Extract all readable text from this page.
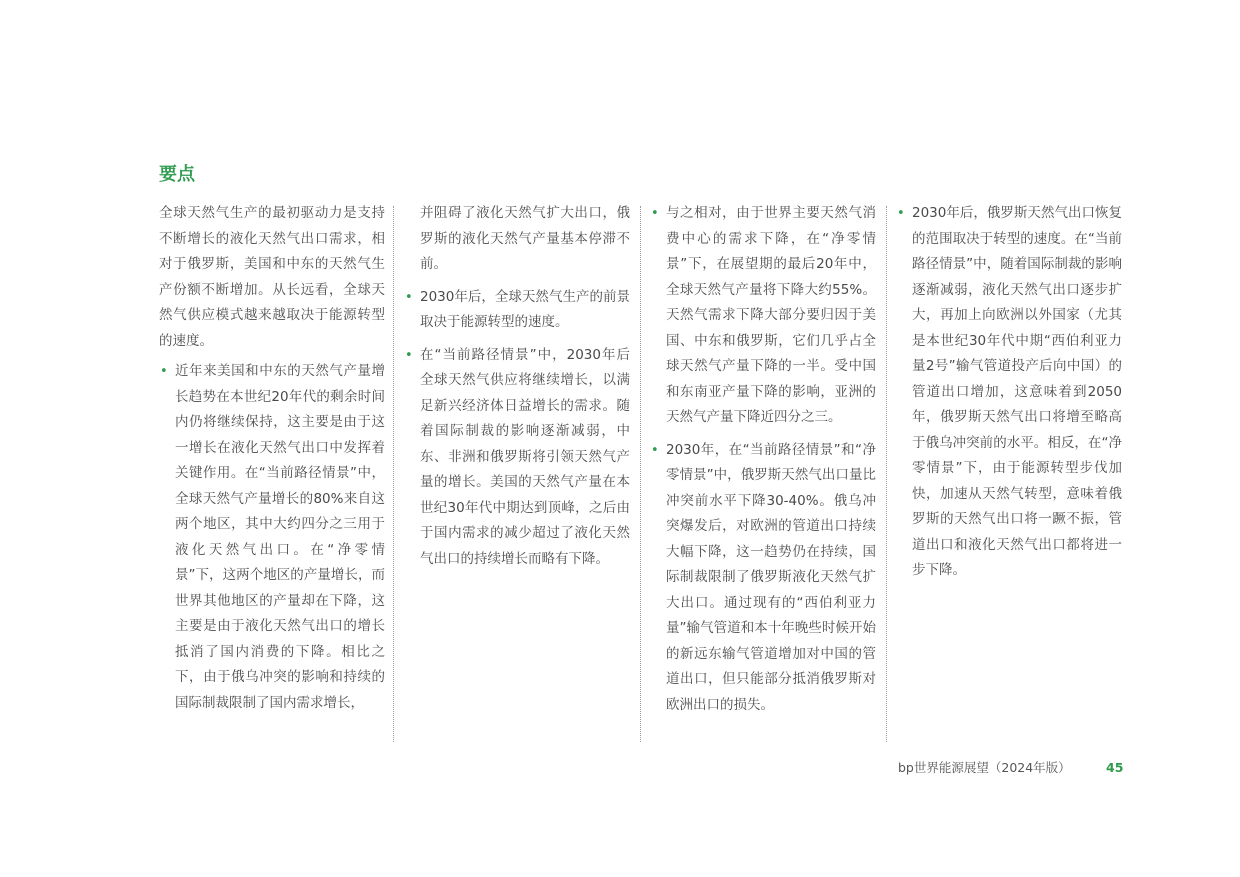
要点

全球天然气生产的最初驱动力是支持不断增长的液化天然气出口需求，相对于俄罗斯，美国和中东的天然气生产份额不断增加。从长远看，全球天然气供应模式越来越取决于能源转型的速度。

• 近年来美国和中东的天然气产量增长趋势在本世纪20年代的剩余时间内仍将继续保持，这主要是由于这一增长在液化天然气出口中发挥着关键作用。在“当前路径情景”中，全球天然气产量增长的80%来自这两个地区，其中大约四分之三用于液化天然气出口。在“净零情景”下，这两个地区的产量增长，而世界其他地区的产量却在下降，这主要是由于液化天然气出口的增长抵消了国内消费的下降。相比之下，由于俄乌冲突的影响和持续的国际制裁限制了国内需求增长，

并阻碍了液化天然气扩大出口，俄罗斯的液化天然气产量基本停滞不前。

• 2030年后，全球天然气生产的前景取决于能源转型的速度。
• 在“当前路径情景”中，2030年后全球天然气供应将继续增长，以满足新兴经济体日益增长的需求。随着国际制裁的影响逐渐减弱，中东、非洲和俄罗斯将引领天然气产量的增长。美国的天然气产量在本世纪30年代中期达到顶峰，之后由于国内需求的减少超过了液化天然气出口的持续增长而略有下降。
• 与之相对，由于世界主要天然气消费中心的需求下降，在“净零情景”下，在展望期的最后20年中，全球天然气产量将下降大约55%。天然气需求下降大部分要归因于美国、中东和俄罗斯，它们几乎占全球天然气产量下降的一半。受中国和东南亚产量下降的影响，亚洲的天然气产量下降近四分之三。
• 2030年，在“当前路径情景”和“净零情景”中，俄罗斯天然气出口量比冲突前水平下降30-40%。俄乌冲突爆发后，对欧洲的管道出口持续大幅下降，这一趋势仍在持续，国际制裁限制了俄罗斯液化天然气扩大出口。通过现有的“西伯利亚力量”输气管道和本十年晚些时候开始的新远东输气管道增加对中国的管道出口，但只能部分抵消俄罗斯对欧洲出口的损失。
• 2030年后，俄罗斯天然气出口恢复的范围取决于转型的速度。在“当前路径情景”中，随着国际制裁的影响逐渐减弱，液化天然气出口逐步扩大，再加上向欧洲以外国家（尤其是本世纪30年代中期“西伯利亚力量2号”输气管道投产后向中国）的管道出口增加，这意味着到2050年，俄罗斯天然气出口将增至略高于俄乌冲突前的水平。相反，在“净零情景”下，由于能源转型步伐加快，加速从天然气转型，意味着俄罗斯的天然气出口将一蹶不振，管道出口和液化天然气出口都将进一步下降。
bp世界能源展望（2024年版）	45
